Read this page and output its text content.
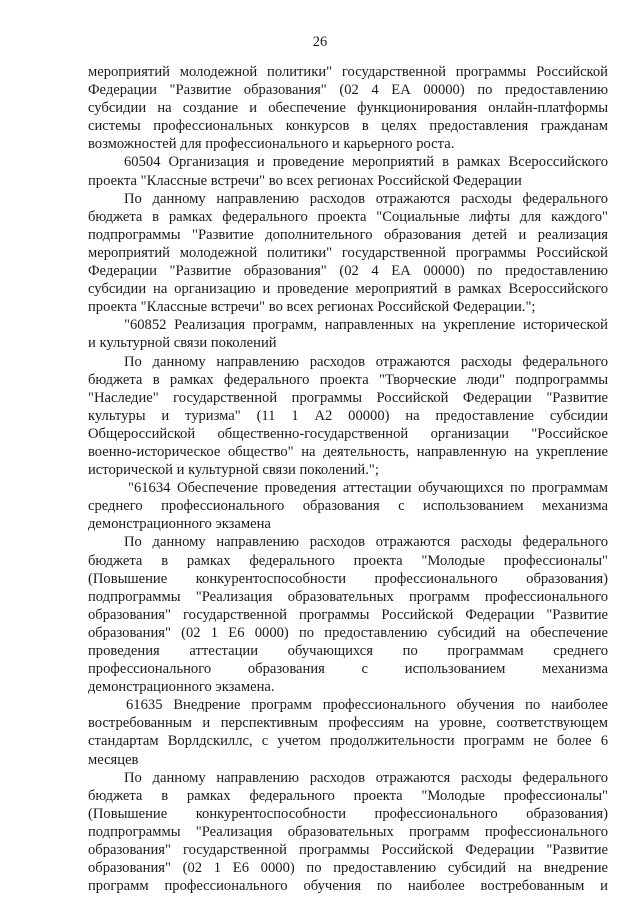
26
мероприятий молодежной политики" государственной программы Российской
Федерации "Развитие образования" (02 4 ЕА 00000) по предоставлению
субсидии на создание и обеспечение функционирования онлайн-платформы
системы профессиональных конкурсов в целях предоставления гражданам
возможностей для профессионального и карьерного роста.
60504 Организация и проведение мероприятий в рамках Всероссийского
проекта "Классные встречи" во всех регионах Российской Федерации
По данному направлению расходов отражаются расходы федерального
бюджета в рамках федерального проекта "Социальные лифты для каждого"
подпрограммы "Развитие дополнительного образования детей и реализация
мероприятий молодежной политики" государственной программы Российской
Федерации "Развитие образования" (02 4 ЕА 00000) по предоставлению
субсидии на организацию и проведение мероприятий в рамках Всероссийского
проекта "Классные встречи" во всех регионах Российской Федерации.";
"60852 Реализация программ, направленных на укрепление исторической
и культурной связи поколений
По данному направлению расходов отражаются расходы федерального
бюджета в рамках федерального проекта "Творческие люди" подпрограммы
"Наследие" государственной программы Российской Федерации "Развитие
культуры и туризма" (11 1 А2 00000) на предоставление субсидии
Общероссийской общественно-государственной организации "Российское
военно-историческое общество" на деятельность, направленную на укрепление
исторической и культурной связи поколений.";
"61634 Обеспечение проведения аттестации обучающихся по программам
среднего профессионального образования с использованием механизма
демонстрационного экзамена
По данному направлению расходов отражаются расходы федерального
бюджета в рамках федерального проекта "Молодые профессионалы"
(Повышение конкурентоспособности профессионального образования)
подпрограммы "Реализация образовательных программ профессионального
образования" государственной программы Российской Федерации "Развитие
образования" (02 1 Е6 0000) по предоставлению субсидий на обеспечение
проведения аттестации обучающихся по программам среднего
профессионального образования с использованием механизма
демонстрационного экзамена.
61635 Внедрение программ профессионального обучения по наиболее
востребованным и перспективным профессиям на уровне, соответствующем
стандартам Ворлдскиллс, с учетом продолжительности программ не более 6
месяцев
По данному направлению расходов отражаются расходы федерального
бюджета в рамках федерального проекта "Молодые профессионалы"
(Повышение конкурентоспособности профессионального образования)
подпрограммы "Реализация образовательных программ профессионального
образования" государственной программы Российской Федерации "Развитие
образования" (02 1 Е6 0000) по предоставлению субсидий на внедрение
программ профессионального обучения по наиболее востребованным и
